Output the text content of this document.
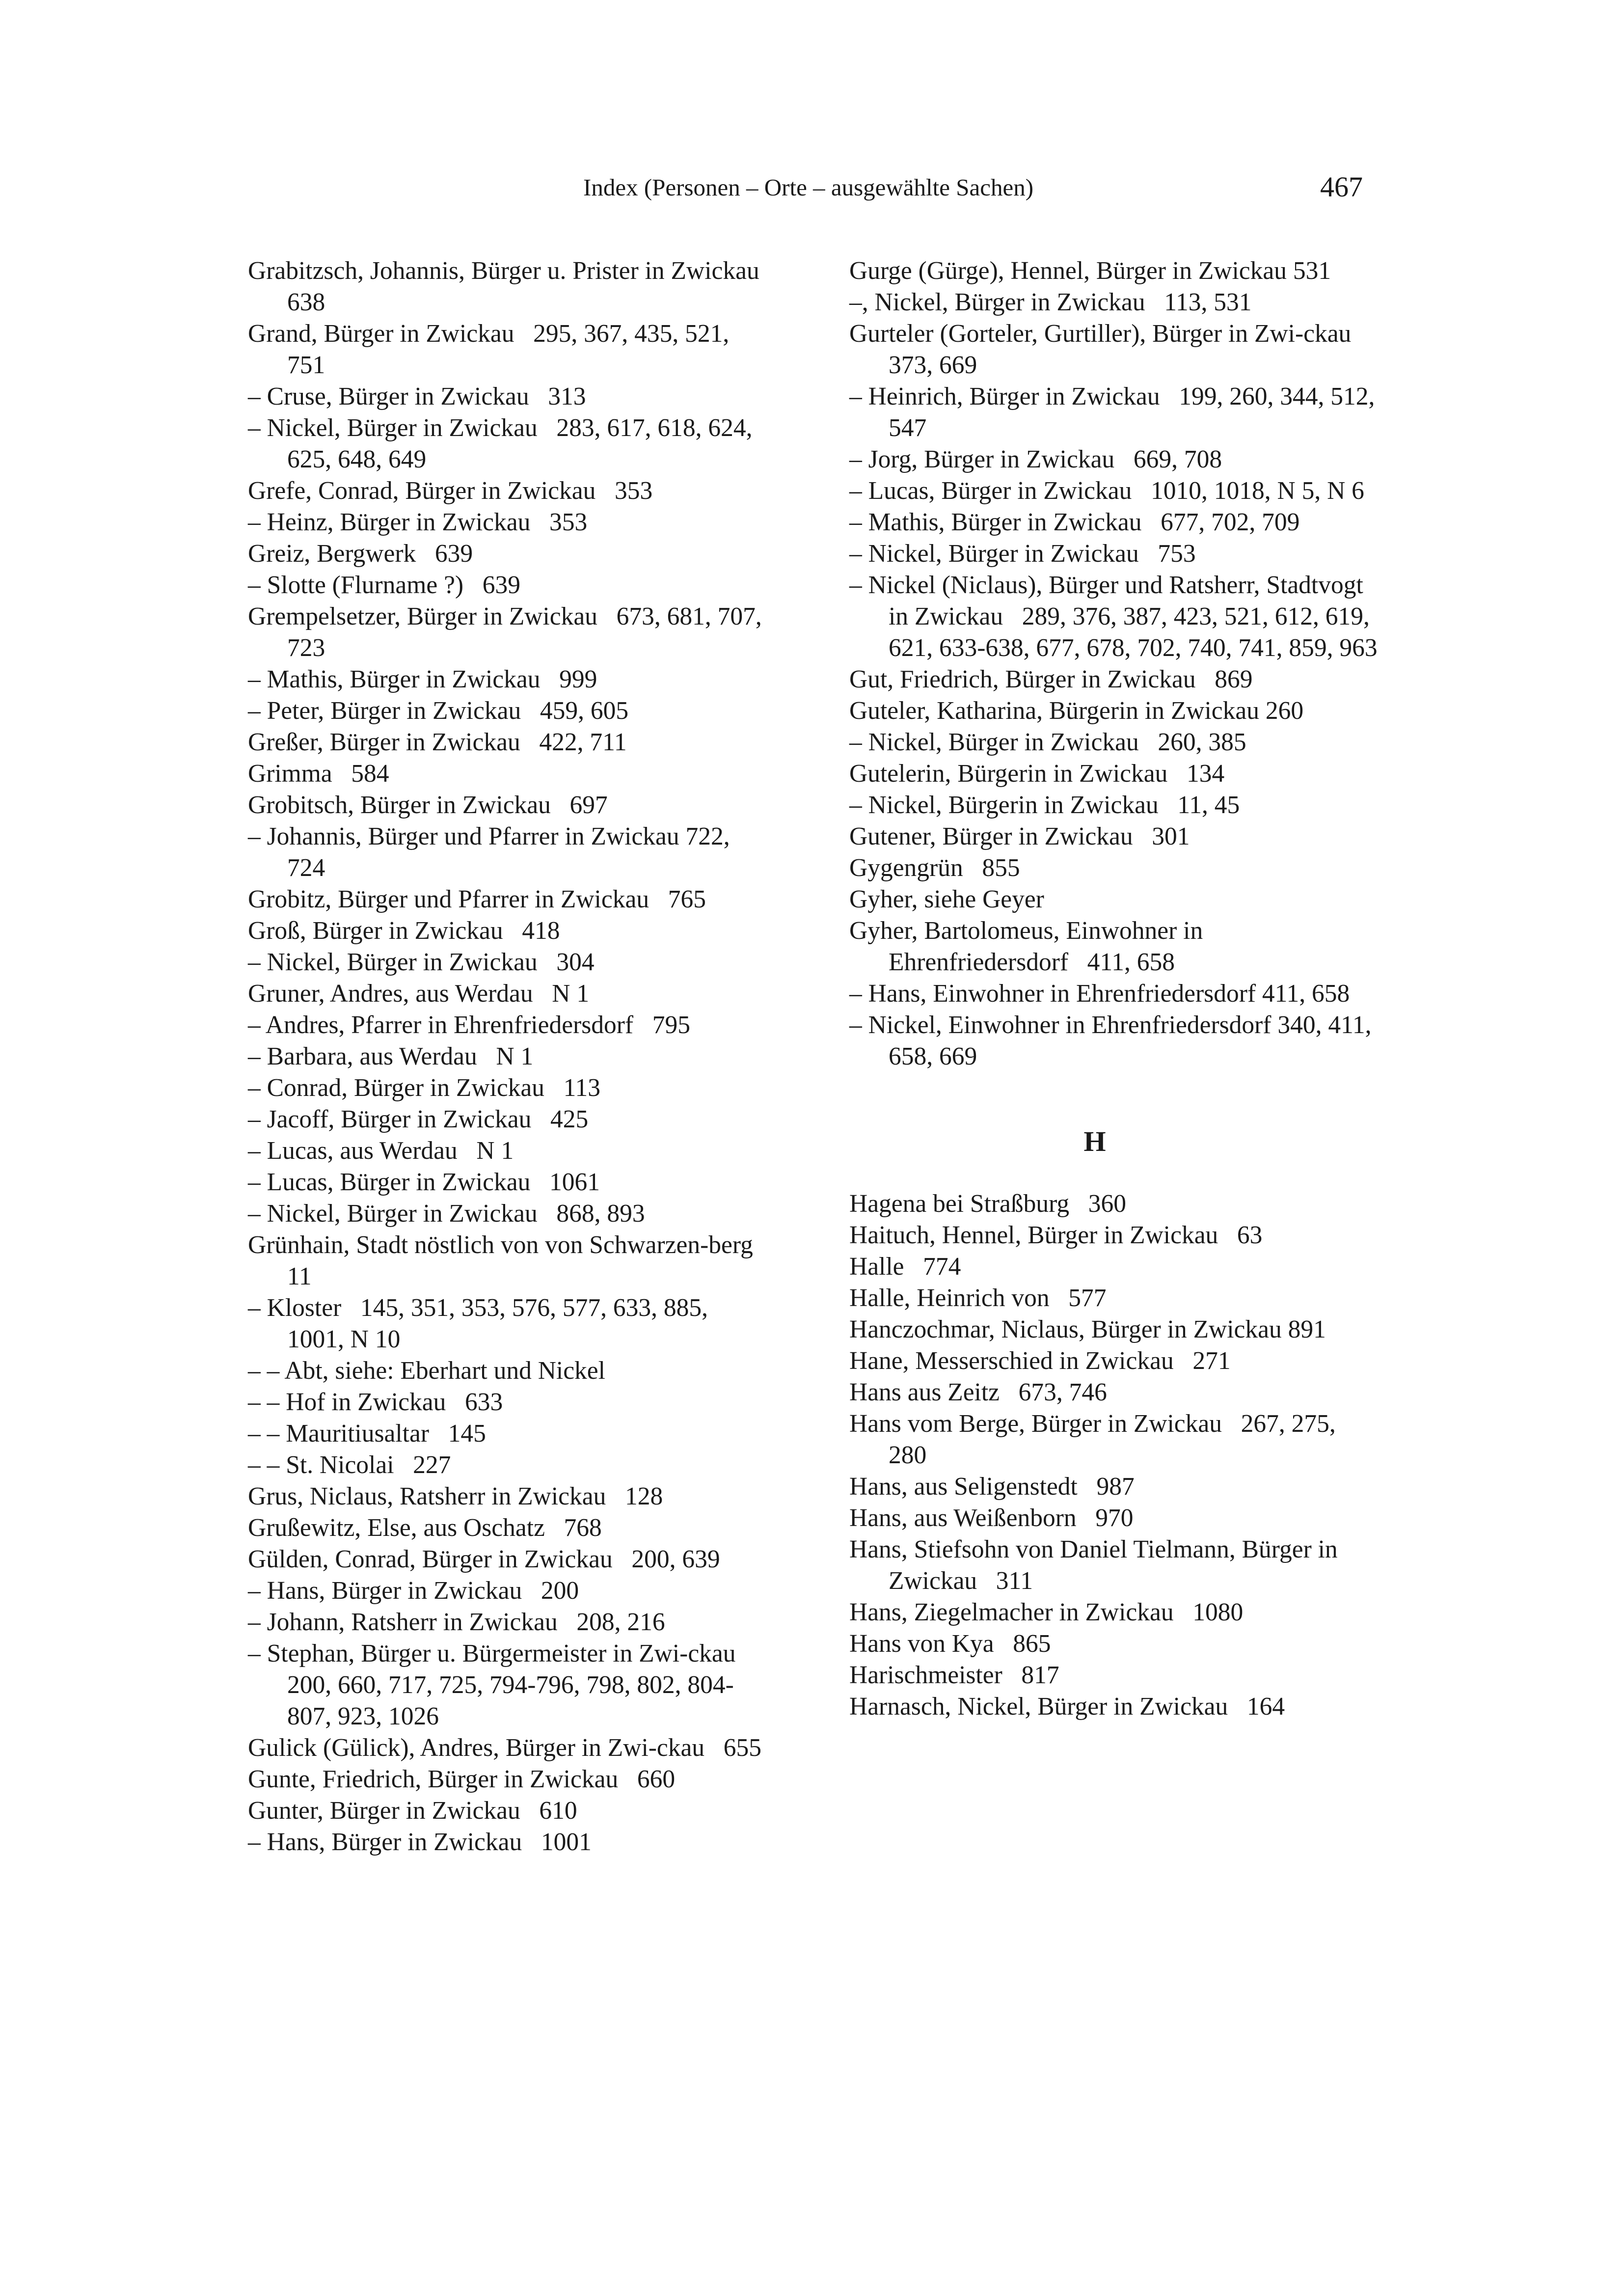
Index (Personen – Orte – ausgewählte Sachen)	467
Grabitzsch, Johannis, Bürger u. Prister in Zwickau   638
Grand, Bürger in Zwickau   295, 367, 435, 521, 751
– Cruse, Bürger in Zwickau   313
– Nickel, Bürger in Zwickau   283, 617, 618, 624, 625, 648, 649
Grefe, Conrad, Bürger in Zwickau   353
– Heinz, Bürger in Zwickau   353
Greiz, Bergwerk   639
– Slotte (Flurname ?)   639
Grempelsetzer, Bürger in Zwickau   673, 681, 707, 723
– Mathis, Bürger in Zwickau   999
– Peter, Bürger in Zwickau   459, 605
Greßer, Bürger in Zwickau   422, 711
Grimma   584
Grobitsch, Bürger in Zwickau   697
– Johannis, Bürger und Pfarrer in Zwickau 722, 724
Grobitz, Bürger und Pfarrer in Zwickau   765
Groß, Bürger in Zwickau   418
– Nickel, Bürger in Zwickau   304
Gruner, Andres, aus Werdau   N 1
– Andres, Pfarrer in Ehrenfriedersdorf   795
– Barbara, aus Werdau   N 1
– Conrad, Bürger in Zwickau   113
– Jacoff, Bürger in Zwickau   425
– Lucas, aus Werdau   N 1
– Lucas, Bürger in Zwickau   1061
– Nickel, Bürger in Zwickau   868, 893
Grünhain, Stadt nöstlich von von Schwarzen-berg   11
– Kloster   145, 351, 353, 576, 577, 633, 885, 1001, N 10
– – Abt, siehe: Eberhart und Nickel
– – Hof in Zwickau   633
– – Mauritiusaltar   145
– – St. Nicolai   227
Grus, Niclaus, Ratsherr in Zwickau   128
Grußewitz, Else, aus Oschatz   768
Gülden, Conrad, Bürger in Zwickau   200, 639
– Hans, Bürger in Zwickau   200
– Johann, Ratsherr in Zwickau   208, 216
– Stephan, Bürger u. Bürgermeister in Zwi-ckau   200, 660, 717, 725, 794-796, 798, 802, 804-807, 923, 1026
Gulick (Gülick), Andres, Bürger in Zwi-ckau   655
Gunte, Friedrich, Bürger in Zwickau   660
Gunter, Bürger in Zwickau   610
– Hans, Bürger in Zwickau   1001
Gurge (Gürge), Hennel, Bürger in Zwickau 531
–, Nickel, Bürger in Zwickau   113, 531
Gurteler (Gorteler, Gurtiller), Bürger in Zwi-ckau   373, 669
– Heinrich, Bürger in Zwickau   199, 260, 344, 512, 547
– Jorg, Bürger in Zwickau   669, 708
– Lucas, Bürger in Zwickau   1010, 1018, N 5, N 6
– Mathis, Bürger in Zwickau   677, 702, 709
– Nickel, Bürger in Zwickau   753
– Nickel (Niclaus), Bürger und Ratsherr, Stadtvogt in Zwickau   289, 376, 387, 423, 521, 612, 619, 621, 633-638, 677, 678, 702, 740, 741, 859, 963
Gut, Friedrich, Bürger in Zwickau   869
Guteler, Katharina, Bürgerin in Zwickau 260
– Nickel, Bürger in Zwickau   260, 385
Gutelerin, Bürgerin in Zwickau   134
– Nickel, Bürgerin in Zwickau   11, 45
Gutener, Bürger in Zwickau   301
Gygengrün   855
Gyher, siehe Geyer
Gyher, Bartolomeus, Einwohner in Ehrenfriedersdorf   411, 658
– Hans, Einwohner in Ehrenfriedersdorf 411, 658
– Nickel, Einwohner in Ehrenfriedersdorf 340, 411, 658, 669
H
Hagena bei Straßburg   360
Haituch, Hennel, Bürger in Zwickau   63
Halle   774
Halle, Heinrich von   577
Hanczochmar, Niclaus, Bürger in Zwickau 891
Hane, Messerschied in Zwickau   271
Hans aus Zeitz   673, 746
Hans vom Berge, Bürger in Zwickau   267, 275, 280
Hans, aus Seligenstedt   987
Hans, aus Weißenborn   970
Hans, Stiefsohn von Daniel Tielmann, Bürger in Zwickau   311
Hans, Ziegelmacher in Zwickau   1080
Hans von Kya   865
Harischmeister   817
Harnasch, Nickel, Bürger in Zwickau   164
